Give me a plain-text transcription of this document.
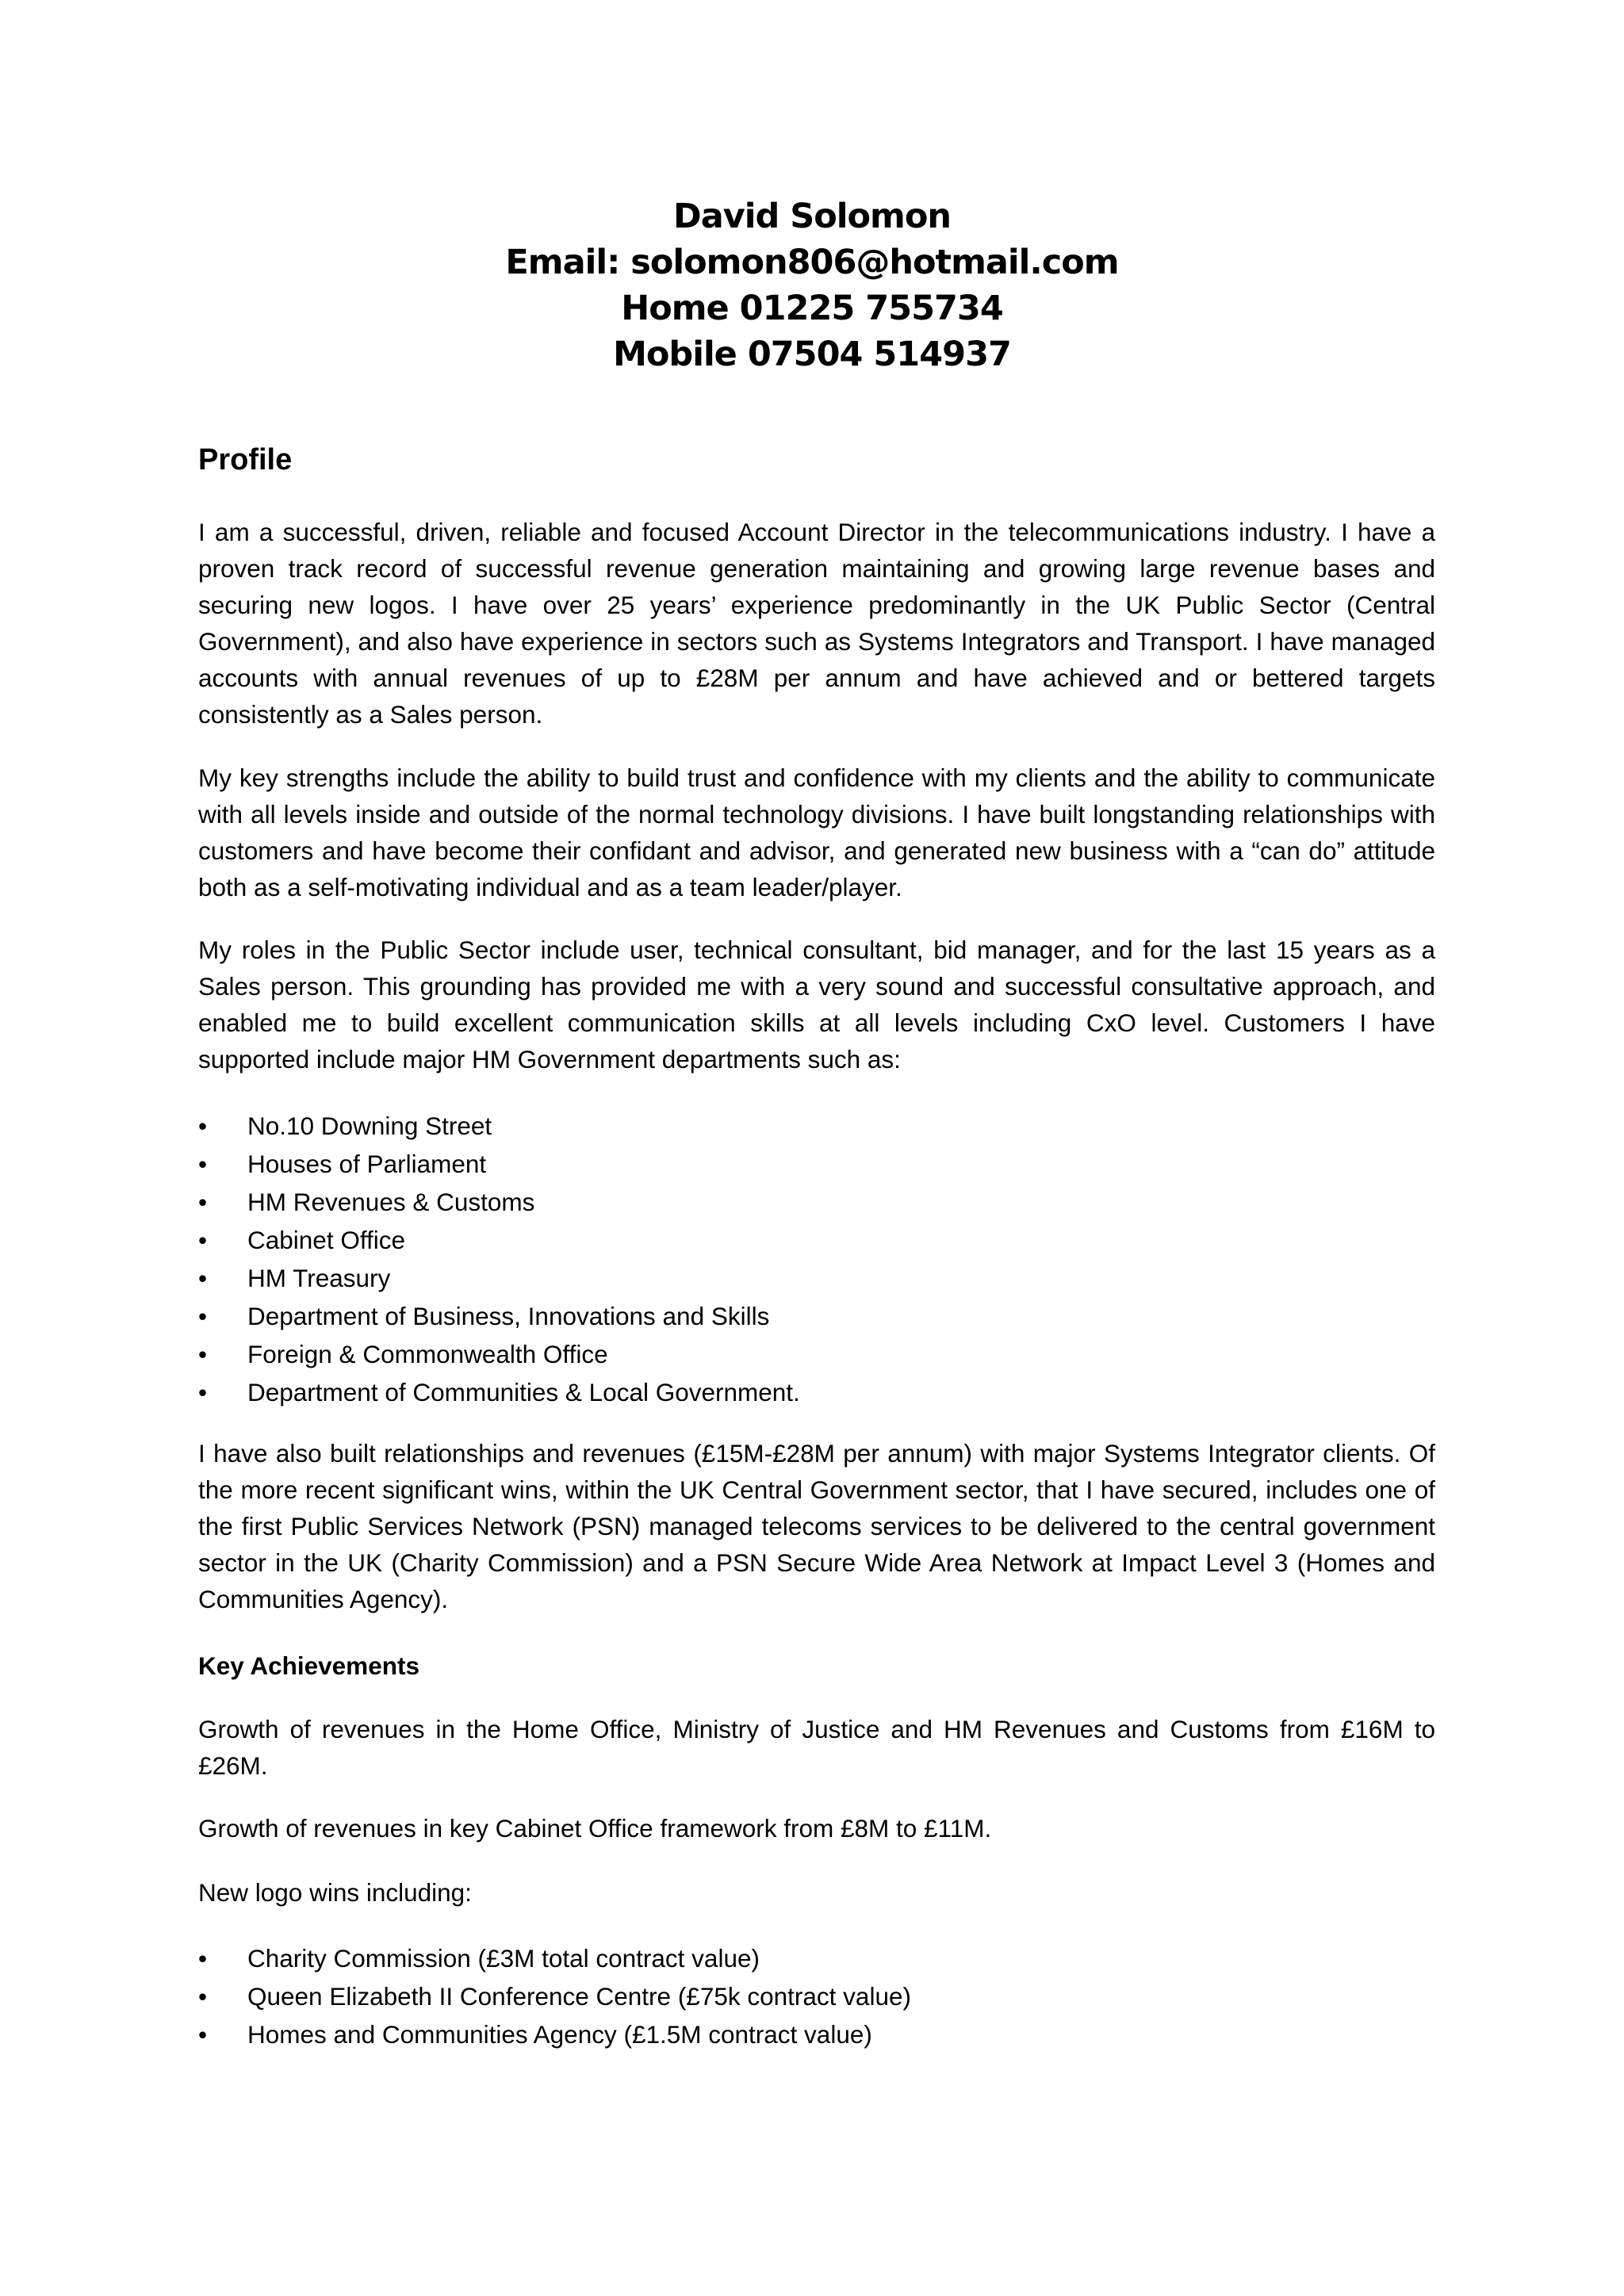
David Solomon
Email: solomon806@hotmail.com
Home 01225 755734
Mobile 07504 514937
Profile

I am a successful, driven, reliable and focused Account Director in the telecommunications industry. I have a proven track record of successful revenue generation maintaining and growing large revenue bases and securing new logos. I have over 25 years’ experience predominantly in the UK Public Sector (Central Government), and also have experience in sectors such as Systems Integrators and Transport. I have managed accounts with annual revenues of up to £28M per annum and have achieved and or bettered targets consistently as a Sales person.

My key strengths include the ability to build trust and confidence with my clients and the ability to communicate with all levels inside and outside of the normal technology divisions. I have built longstanding relationships with customers and have become their confidant and advisor, and generated new business with a “can do” attitude both as a self-motivating individual and as a team leader/player.

My roles in the Public Sector include user, technical consultant, bid manager, and for the last 15 years as a Sales person. This grounding has provided me with a very sound and successful consultative approach, and enabled me to build excellent communication skills at all levels including CxO level. Customers I have supported include major HM Government departments such as:

• No.10 Downing Street
• Houses of Parliament
• HM Revenues & Customs
• Cabinet Office
• HM Treasury
• Department of Business, Innovations and Skills
• Foreign & Commonwealth Office
• Department of Communities & Local Government.

I have also built relationships and revenues (£15M-£28M per annum) with major Systems Integrator clients. Of the more recent significant wins, within the UK Central Government sector, that I have secured, includes one of the first Public Services Network (PSN) managed telecoms services to be delivered to the central government sector in the UK (Charity Commission) and a PSN Secure Wide Area Network at Impact Level 3 (Homes and Communities Agency).

Key Achievements

Growth of revenues in the Home Office, Ministry of Justice and HM Revenues and Customs from £16M to £26M.

Growth of revenues in key Cabinet Office framework from £8M to £11M.

New logo wins including:

• Charity Commission (£3M total contract value)
• Queen Elizabeth II Conference Centre (£75k contract value)
• Homes and Communities Agency (£1.5M contract value)
